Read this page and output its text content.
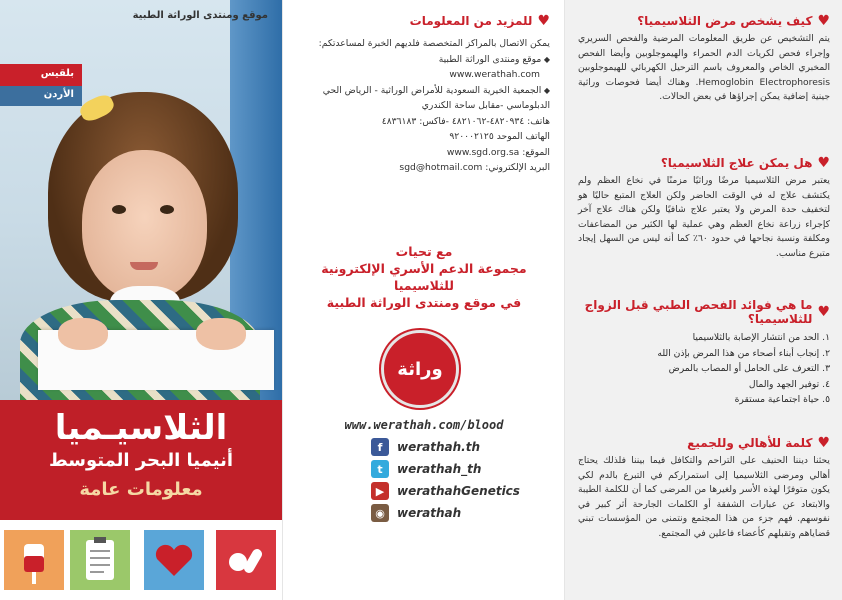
موقع ومنتدى الوراثة الطبية
بلقيس
الأردن
الثلاسيـميا
أنيميا البحر المتوسط
معلومات عامة
♥
للمزيد من المعلومات
يمكن الاتصال بالمراكز المتخصصة فلديهم الخبرة لمساعدتكم:
◆ موقع ومنتدى الوراثة الطبية
www.werathah.com
◆ الجمعية الخيرية السعودية للأمراض الوراثية - الرياض الحي الدبلوماسي -مقابل ساحة الكندري
هاتف: ٤٨٢٠٩٣٤-٤٨٢١٠٦٢ -فاكس: ٤٨٣٦١٨٣
الهاتف الموحد ٩٢٠٠٠٢١٢٥
الموقع: www.sgd.org.sa
البريد الإلكتروني: sgd@hotmail.com
مع تحيات
مجموعة الدعم الأسري الإلكترونية
للثلاسيميا
في موقع ومنتدى الوراثة الطبية
وراثة
www.werathah.com/blood
f	werathah.th
t	werathah_th
▶	werathahGenetics
◉	werathah
♥
كيف يشخص مرض الثلاسيميا؟
يتم التشخيص عن طريق المعلومات المرضية والفحص السريري وإجراء فحص لكريات الدم الحمراء والهيموجلوبين وأيضا الفحص المخبري الخاص والمعروف باسم الترحيل الكهربائي للهيموجلوبين Hemoglobin Electrophoresis. وهناك أيضا فحوصات وراثية جينية إضافية يمكن إجراؤها في بعض الحالات.
♥
هل يمكن علاج الثلاسيميا؟
يعتبر مرض الثلاسيميا مرضًا وراثيًا مزمنًا في نخاع العظم ولم يكتشف علاج له في الوقت الحاضر ولكن العلاج المتبع حاليًا هو لتخفيف حدة المرض ولا يعتبر علاج شافيًا ولكن هناك علاج آخر كإجراء زراعة نخاع العظم وهي عملية لها الكثير من المضاعفات ومكلفة ونسبة نجاحها في حدود ٦٠٪ كما أنه ليس من السهل إيجاد متبرع مناسب.
♥
ما هي فوائد الفحص الطبي قبل الزواج للثلاسيميا؟
١. الحد من انتشار الإصابة بالثلاسيميا
٢. إنجاب أبناء أصحاء من هذا المرض بإذن الله
٣. التعرف على الحامل أو المصاب بالمرض
٤. توفير الجهد والمال
٥. حياة اجتماعية مستقرة
♥
كلمة للأهالي وللجميع
يحثنا ديننا الحنيف على التراحم والتكافل فيما بيننا فلذلك يحتاج أهالي ومرضى الثلاسيميا إلى استمراركم في التبرع بالدم لكي يكون متوفرًا لهذه الأسر ولغيرها من المرضى كما أن للكلمة الطيبة والابتعاد عن عبارات الشفقة أو الكلمات الجارحة أثر كبير في نفوسهم. فهم جزء من هذا المجتمع ونتمنى من المؤسسات تبني قضاياهم وتقبلهم كأعضاء فاعلين في المجتمع.
